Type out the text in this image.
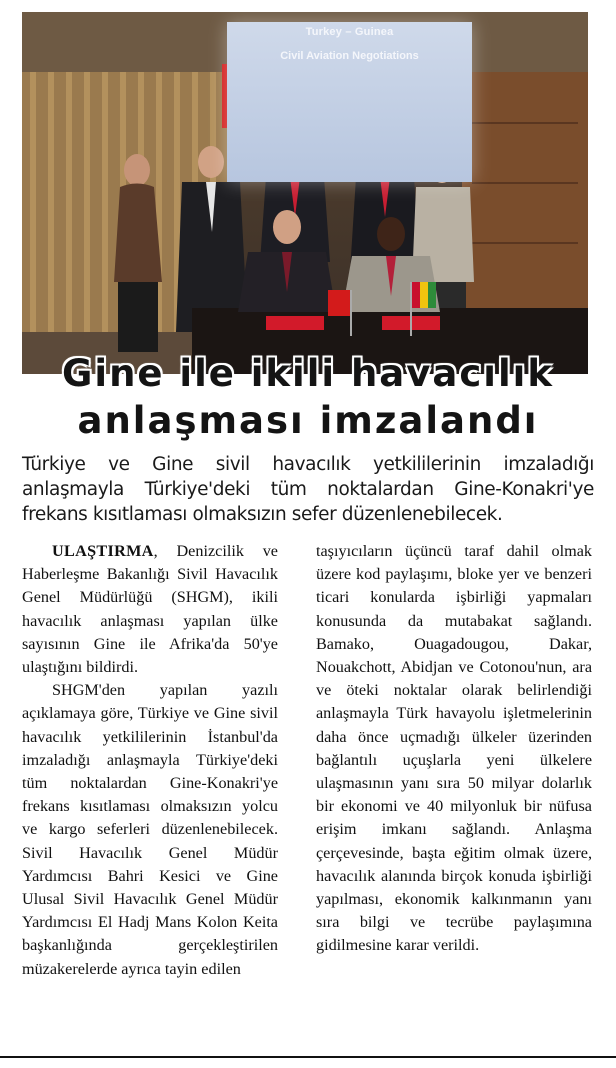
Turkey – Guinea
Civil Aviation Negotiations
Gine ile ikili havacılık
anlaşması imzalandı
Türkiye ve Gine sivil havacılık yetkililerinin imzaladığı anlaşmayla Türkiye'deki tüm noktalardan Gine-Konakri'ye frekans kısıtlaması olmaksızın sefer düzenlenebilecek.

ULAŞTIRMA, Denizcilik ve Haberleşme Bakanlığı Sivil Havacılık Genel Müdürlüğü (SHGM), ikili havacılık anlaşması yapılan ülke sayısının Gine ile Afrika'da 50'ye ulaştığını bildirdi.

SHGM'den yapılan yazılı açıklamaya göre, Türkiye ve Gine sivil havacılık yetkililerinin İstanbul'da imzaladığı anlaşmayla Türkiye'deki tüm noktalardan Gine-Konakri'ye frekans kısıtlaması olmaksızın yolcu ve kargo seferleri düzenlenebilecek. Sivil Havacılık Genel Müdür Yardımcısı Bahri Kesici ve Gine Ulusal Sivil Havacılık Genel Müdür Yardımcısı El Hadj Mans Kolon Keita başkanlığında gerçekleştirilen müzakerelerde ayrıca tayin edilen

taşıyıcıların üçüncü taraf dahil olmak üzere kod paylaşımı, bloke yer ve benzeri ticari konularda işbirliği yapmaları konusunda da mutabakat sağlandı. Bamako, Ouagadougou, Dakar, Nouakchott, Abidjan ve Cotonou'nun, ara ve öteki noktalar olarak belirlendiği anlaşmayla Türk havayolu işletmelerinin daha önce uçmadığı ülkeler üzerinden bağlantılı uçuşlarla yeni ülkelere ulaşmasının yanı sıra 50 milyar dolarlık bir ekonomi ve 40 milyonluk bir nüfusa erişim imkanı sağlandı. Anlaşma çerçevesinde, başta eğitim olmak üzere, havacılık alanında birçok konuda işbirliği yapılması, ekonomik kalkınmanın yanı sıra bilgi ve tecrübe paylaşımına gidilmesine karar verildi.
